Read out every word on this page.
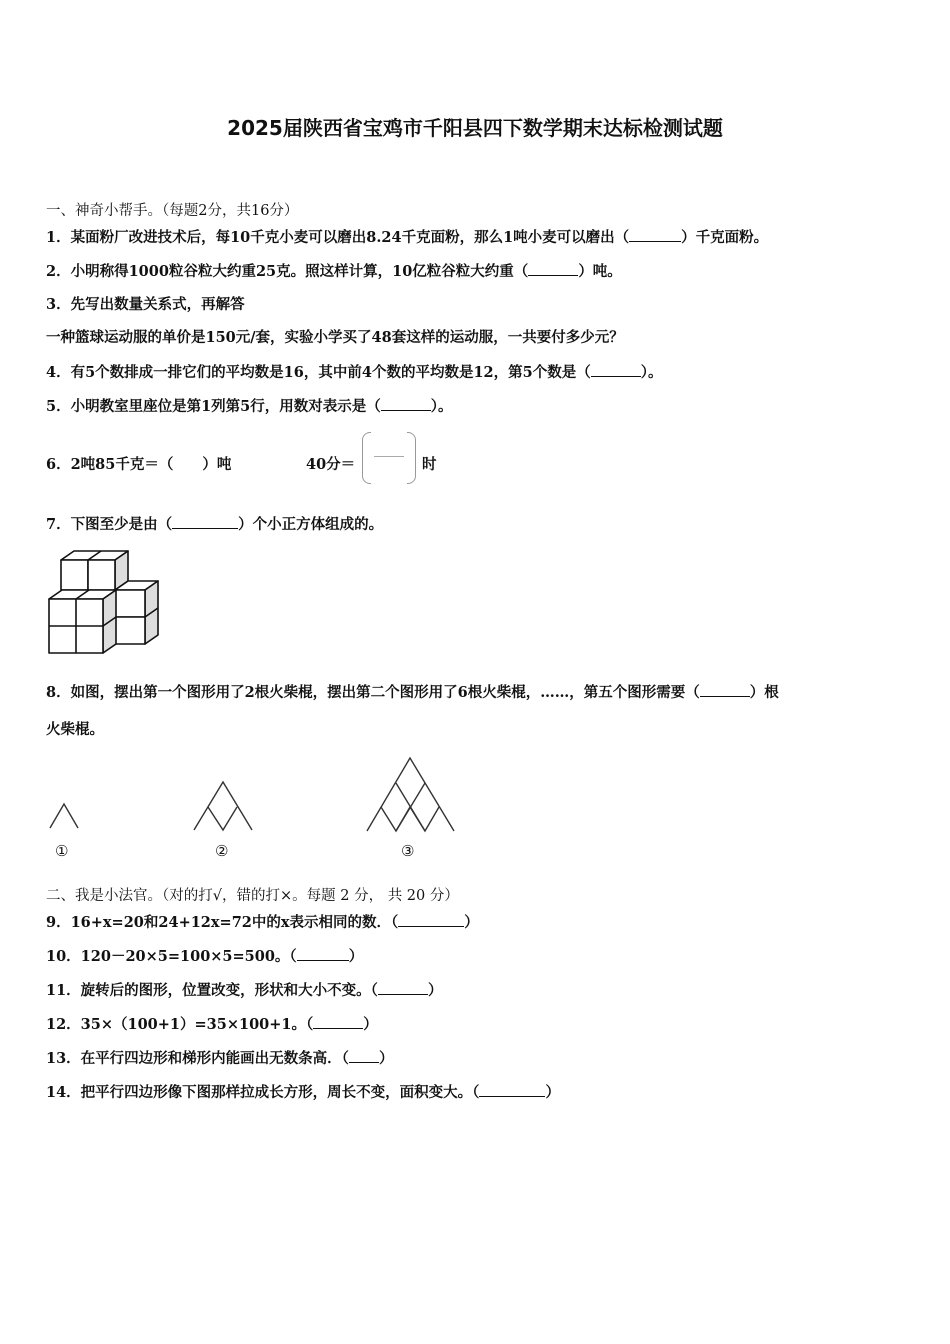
2025届陕西省宝鸡市千阳县四下数学期末达标检测试题
一、神奇小帮手。（每题2分，共16分）
1．某面粉厂改进技术后，每10千克小麦可以磨出8.24千克面粉，那么1吨小麦可以磨出（	）千克面粉。
2．小明称得1000粒谷粒大约重25克。照这样计算，10亿粒谷粒大约重（	）吨。
3．先写出数量关系式，再解答
一种篮球运动服的单价是150元/套，实验小学买了48套这样的运动服，一共要付多少元？
4．有5个数排成一排它们的平均数是16，其中前4个数的平均数是12，第5个数是（	）。
5．小明教室里座位是第1列第5行，用数对表示是（	）。
6．2吨85千克＝（　　）吨	40分＝	时
7．下图至少是由（	）个小正方体组成的。
8．如图，摆出第一个图形用了2根火柴棍，摆出第二个图形用了6根火柴棍，……，第五个图形需要（	）根
火柴棍。
①	②	③
二、我是小法官。（对的打√，错的打×。每题 2 分， 共 20 分）
9．16+x=20和24+12x=72中的x表示相同的数．（	）
10．120－20×5=100×5=500。（	）
11．旋转后的图形，位置改变，形状和大小不变。（	）
12．35×（100+1）=35×100+1。（	）
13．在平行四边形和梯形内能画出无数条高．（ ）
14．把平行四边形像下图那样拉成长方形，周长不变，面积变大。（	）
